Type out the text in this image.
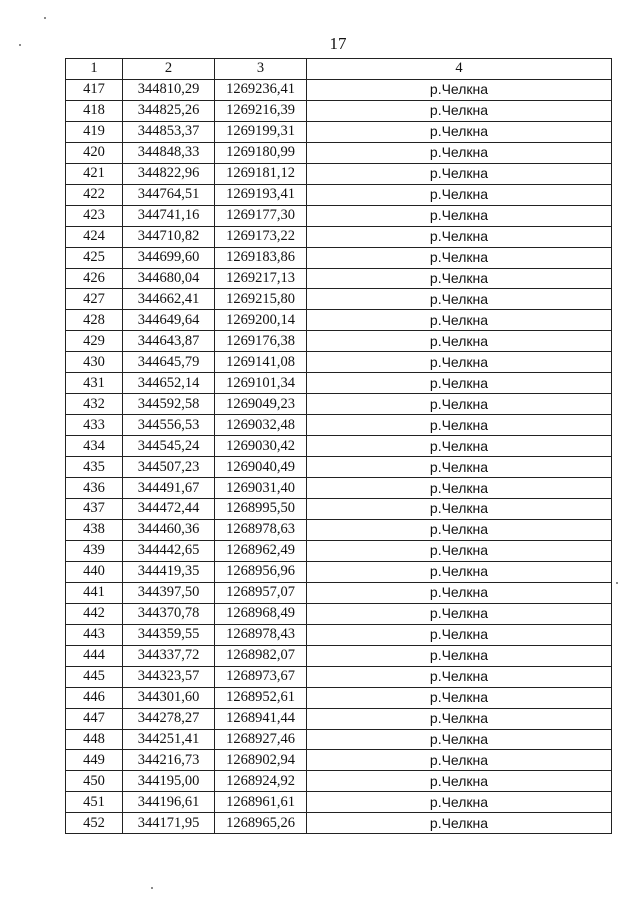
17
1	2	3	4
417	344810,29	1269236,41	р.Челкна
418	344825,26	1269216,39	р.Челкна
419	344853,37	1269199,31	р.Челкна
420	344848,33	1269180,99	р.Челкна
421	344822,96	1269181,12	р.Челкна
422	344764,51	1269193,41	р.Челкна
423	344741,16	1269177,30	р.Челкна
424	344710,82	1269173,22	р.Челкна
425	344699,60	1269183,86	р.Челкна
426	344680,04	1269217,13	р.Челкна
427	344662,41	1269215,80	р.Челкна
428	344649,64	1269200,14	р.Челкна
429	344643,87	1269176,38	р.Челкна
430	344645,79	1269141,08	р.Челкна
431	344652,14	1269101,34	р.Челкна
432	344592,58	1269049,23	р.Челкна
433	344556,53	1269032,48	р.Челкна
434	344545,24	1269030,42	р.Челкна
435	344507,23	1269040,49	р.Челкна
436	344491,67	1269031,40	р.Челкна
437	344472,44	1268995,50	р.Челкна
438	344460,36	1268978,63	р.Челкна
439	344442,65	1268962,49	р.Челкна
440	344419,35	1268956,96	р.Челкна
441	344397,50	1268957,07	р.Челкна
442	344370,78	1268968,49	р.Челкна
443	344359,55	1268978,43	р.Челкна
444	344337,72	1268982,07	р.Челкна
445	344323,57	1268973,67	р.Челкна
446	344301,60	1268952,61	р.Челкна
447	344278,27	1268941,44	р.Челкна
448	344251,41	1268927,46	р.Челкна
449	344216,73	1268902,94	р.Челкна
450	344195,00	1268924,92	р.Челкна
451	344196,61	1268961,61	р.Челкна
452	344171,95	1268965,26	р.Челкна
